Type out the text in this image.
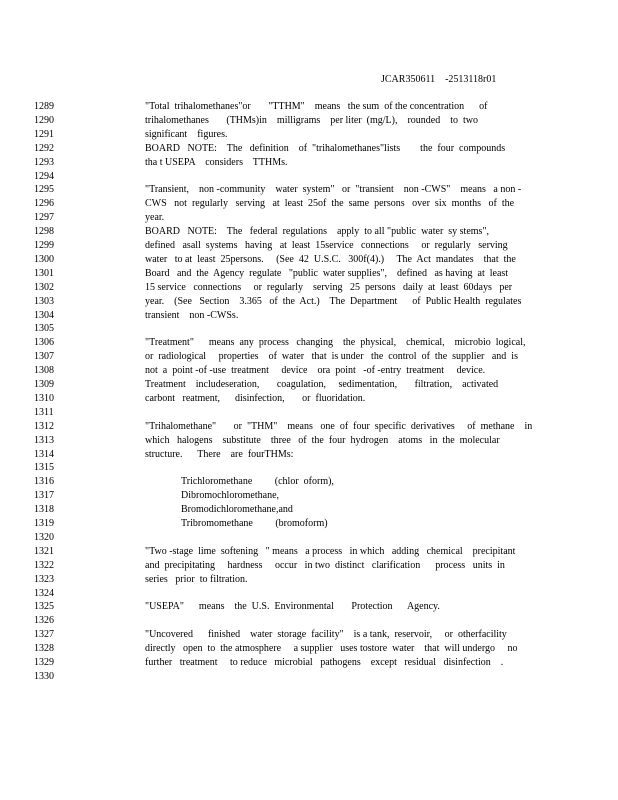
JCAR350611    -2513118r01
1289	"Total  trihalomethanes"or       "TTHM"    means   the sum  of the concentration      of
1290	trihalomethanes       (THMs)in    milligrams    per liter  (mg/L),    rounded    to  two
1291	significant    figures.
1292	BOARD   NOTE:    The   definition    of  "trihalomethanes"lists        the  four  compounds
1293	tha t USEPA    considers    TTHMs.
1294
1295	"Transient,    non -community    water  system"   or  "transient    non -CWS"    means   a non -
1296	CWS   not  regularly   serving   at  least  25of  the  same  persons   over  six  months   of  the
1297	year.
1298	BOARD   NOTE:    The   federal  regulations    apply  to all "public  water  sy stems",
1299	defined   asall  systems   having   at  least  15service   connections     or  regularly   serving
1300	water   to at  least  25persons.     (See  42  U.S.C.   300f(4).)     The  Act  mandates    that  the
1301	Board   and  the  Agency  regulate   "public  water supplies",    defined   as having  at  least
1302	15 service   connections     or  regularly    serving   25  persons   daily  at  least  60days   per
1303	year.    (See   Section    3.365   of  the  Act.)    The  Department      of  Public Health  regulates
1304	transient    non -CWSs.
1305
1306	"Treatment"      means  any  process   changing    the  physical,    chemical,    microbio  logical,
1307	or  radiological     properties    of  water   that  is under   the  control  of  the  supplier   and  is
1308	not  a  point -of -use  treatment     device    ora  point   -of -entry  treatment     device.
1309	Treatment    includeseration,       coagulation,     sedimentation,       filtration,    activated
1310	carbont   reatment,      disinfection,       or  fluoridation.
1311
1312	"Trihalomethane"       or  "THM"    means   one  of  four  specific  derivatives     of  methane    in
1313	which   halogens    substitute    three   of  the  four  hydrogen    atoms   in  the  molecular
1314	structure.      There    are  fourTHMs:
1315
1316	Trichloromethane         (chlor  oform),
1317	Dibromochloromethane,
1318	Bromodichloromethane,and
1319	Tribromomethane         (bromoform)
1320
1321	"Two -stage  lime  softening   " means   a process   in which   adding   chemical    precipitant
1322	and  precipitating     hardness     occur   in two  distinct   clarification      process   units  in
1323	series   prior  to filtration.
1324
1325	"USEPA"      means    the  U.S.  Environmental       Protection      Agency.
1326
1327	"Uncovered      finished    water  storage  facility"    is a tank,  reservoir,     or  otherfacility
1328	directly   open  to  the atmosphere     a supplier   uses tostore  water    that  will undergo     no
1329	further   treatment     to reduce   microbial   pathogens    except   residual   disinfection    .
1330
